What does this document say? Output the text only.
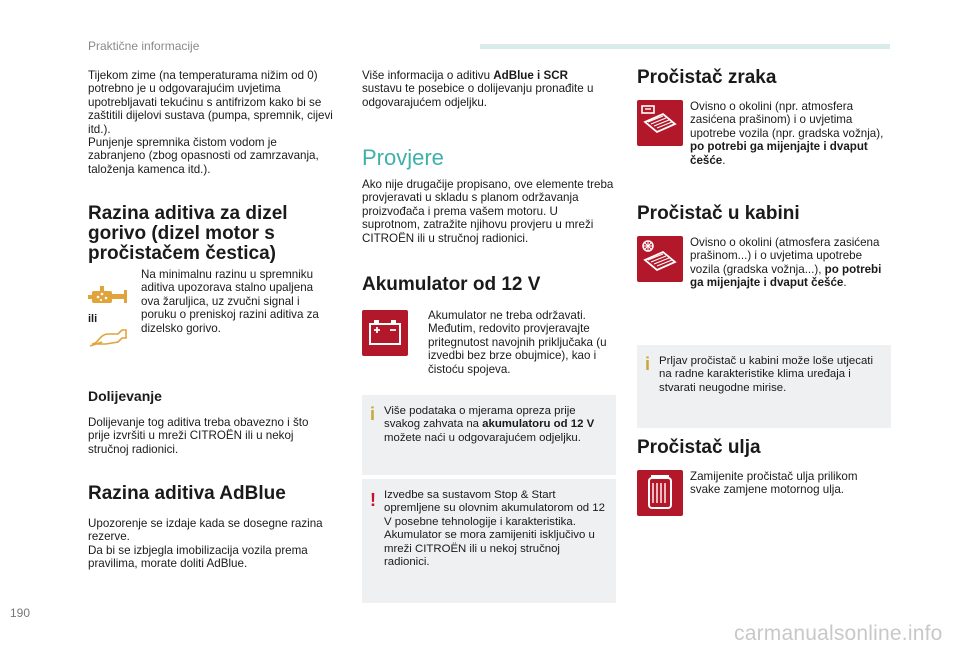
Praktične informacije
Tijekom zime (na temperaturama nižim od 0) potrebno je u odgovarajućim uvjetima upotrebljavati tekućinu s antifrizom kako bi se zaštitili dijelovi sustava (pumpa, spremnik, cijevi itd.).
Punjenje spremnika čistom vodom je zabranjeno (zbog opasnosti od zamrzavanja, taloženja kamenca itd.).
Razina aditiva za dizel gorivo (dizel motor s pročistačem čestica)
ili
Na minimalnu razinu u spremniku aditiva upozorava stalno upaljena ova žaruljica, uz zvučni signal i poruku o preniskoj razini aditiva za dizelsko gorivo.
Dolijevanje
Dolijevanje tog aditiva treba obavezno i što prije izvršiti u mreži CITROËN ili u nekoj stručnoj radionici.
Razina aditiva AdBlue
Upozorenje se izdaje kada se dosegne razina rezerve.
Da bi se izbjegla imobilizacija vozila prema pravilima, morate doliti AdBlue.
Više informacija o aditivu AdBlue i SCR sustavu te posebice o dolijevanju pronađite u odgovarajućem odjeljku.
Provjere
Ako nije drugačije propisano, ove elemente treba provjeravati u skladu s planom održavanja proizvođača i prema vašem motoru. U suprotnom, zatražite njihovu provjeru u mreži CITROËN ili u stručnoj radionici.
Akumulator od 12 V
Akumulator ne treba održavati. Međutim, redovito provjeravajte pritegnutost navojnih priključaka (u izvedbi bez brze obujmice), kao i čistoću spojeva.
i Više podataka o mjerama opreza prije svakog zahvata na akumulatoru od 12 V možete naći u odgovarajućem odjeljku.
! Izvedbe sa sustavom Stop & Start opremljene su olovnim akumulatorom od 12 V posebne tehnologije i karakteristika. Akumulator se mora zamijeniti isključivo u mreži CITROËN ili u nekoj stručnoj radionici.
Pročistač zraka
Ovisno o okolini (npr. atmosfera zasićena prašinom) i o uvjetima upotrebe vozila (npr. gradska vožnja), po potrebi ga mijenjajte i dvaput češće.
Pročistač u kabini
Ovisno o okolini (atmosfera zasićena prašinom...) i o uvjetima upotrebe vozila (gradska vožnja...), po potrebi ga mijenjajte i dvaput češće.
i Prljav pročistač u kabini može loše utjecati na radne karakteristike klima uređaja i stvarati neugodne mirise.
Pročistač ulja
Zamijenite pročistač ulja prilikom svake zamjene motornog ulja.
190
carmanualsonline.info
